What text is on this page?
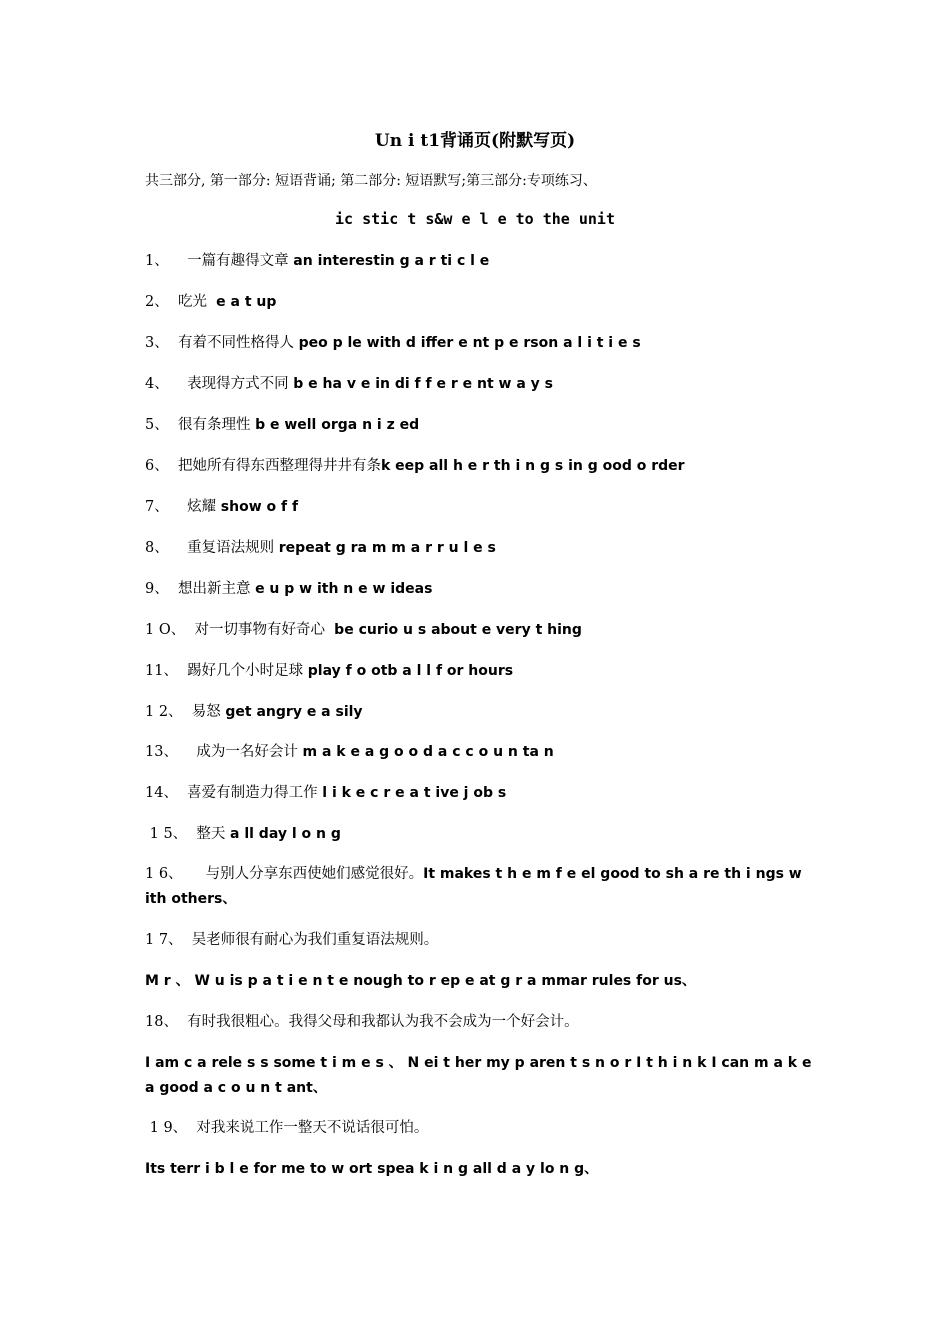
Un i t1背诵页(附默写页)
共三部分, 第一部分: 短语背诵; 第二部分: 短语默写;第三部分:专项练习、
ic stic t s&w e l e to the unit
1、 一篇有趣得文章 an interestin g a r ti c l e
2、 吃光 e a t up
3、 有着不同性格得人 peo p le with d iffer e nt p e rson a l i t i e s
4、 表现得方式不同 b e ha v e in di f f e r e nt w a y s
5、 很有条理性 b e well orga n i z ed
6、 把她所有得东西整理得井井有条k eep all h e r th i n g s in g ood o rder
7、 炫耀 show o f f
8、 重复语法规则 repeat g ra m m a r r u l e s
9、 想出新主意 e u p w ith n e w ideas
1 O、 对一切事物有好奇心 be curio u s about e very t hing
11、 踢好几个小时足球 play f o otb a l l f or hours
1 2、 易怒 get angry e a sily
13、 成为一名好会计 m a k e a g o o d a c c o u n ta n
14、 喜爱有制造力得工作 l i k e c r e a t ive j ob s
1 5、 整天 a ll day l o n g
1 6、 与别人分享东西使她们感觉很好。It makes t h e m f e el good to sh a re th i ngs w ith others、
1 7、 吴老师很有耐心为我们重复语法规则。
M r 、 W u is p a t i e n t e nough to r ep e at g r a mmar rules for us、
18、 有时我很粗心。我得父母和我都认为我不会成为一个好会计。
I am c a rele s s some t i m e s 、 N ei t her my p aren t s n o r I t h i n k I can m a k e a good a c o u n t ant、
1 9、 对我来说工作一整天不说话很可怕。
Its terr i b l e for me to w ort spea k i n g all d a y lo n g、
